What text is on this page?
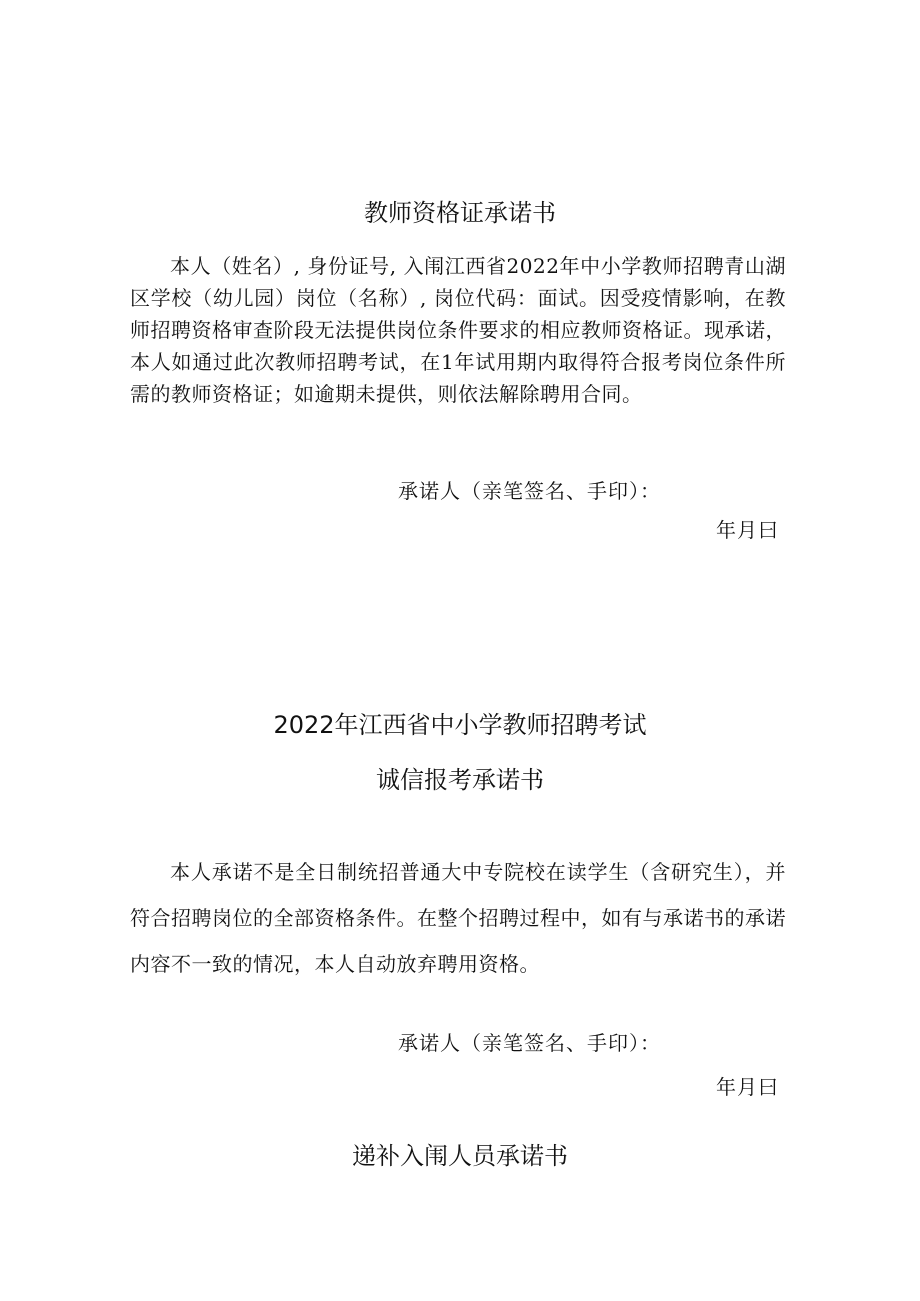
教师资格证承诺书

本人（姓名）, 身份证号, 入闱江西省2022年中小学教师招聘青山湖区学校（幼儿园）岗位（名称）, 岗位代码：面试。因受疫情影响，在教师招聘资格审查阶段无法提供岗位条件要求的相应教师资格证。现承诺，本人如通过此次教师招聘考试，在1年试用期内取得符合报考岗位条件所需的教师资格证；如逾期未提供，则依法解除聘用合同。

承诺人（亲笔签名、手印）：
年月曰
2022年江西省中小学教师招聘考试
诚信报考承诺书

本人承诺不是全日制统招普通大中专院校在读学生（含研究生），并符合招聘岗位的全部资格条件。在整个招聘过程中，如有与承诺书的承诺内容不一致的情况，本人自动放弃聘用资格。

承诺人（亲笔签名、手印）：
年月曰
递补入闱人员承诺书
